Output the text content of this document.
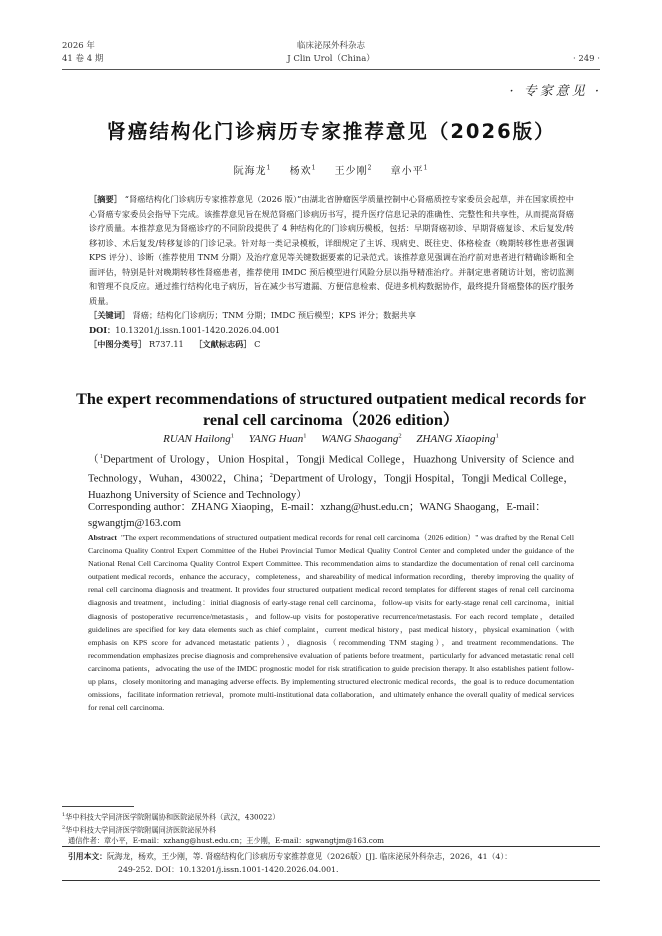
2026 年
41 卷 4 期
临床泌尿外科杂志
J Clin Urol（China）	· 249 ·
· 专家意见 ·
肾癌结构化门诊病历专家推荐意见（2026版）
阮海龙$^1$ 杨欢$^1$ 王少刚$^2$ 章小平$^1$

［摘要］ “肾癌结构化门诊病历专家推荐意见（2026 版）”由湖北省肿瘤医学质量控制中心肾癌质控专家委员会起草，并在国家质控中心肾癌专家委员会指导下完成。该推荐意见旨在规范肾癌门诊病历书写，提升医疗信息记录的准确性、完整性和共享性，从而提高肾癌诊疗质量。本推荐意见为肾癌诊疗的不同阶段提供了 4 种结构化的门诊病历模板，包括：早期肾癌初诊、早期肾癌复诊、术后复发/转移初诊、术后复发/转移复诊的门诊记录。针对每一类记录模板，详细规定了主诉、现病史、既往史、体格检查（晚期转移性患者强调 KPS 评分）、诊断（推荐使用 TNM 分期）及治疗意见等关键数据要素的记录范式。该推荐意见强调在治疗前对患者进行精确诊断和全面评估，特别是针对晚期转移性肾癌患者，推荐使用 IMDC 预后模型进行风险分层以指导精准治疗。并制定患者随访计划，密切监测和管理不良反应。通过推行结构化电子病历，旨在减少书写遗漏、方便信息检索、促进多机构数据协作，最终提升肾癌整体的医疗服务质量。

［关键词］ 肾癌；结构化门诊病历；TNM 分期；IMDC 预后模型；KPS 评分；数据共享

DOI：10.13201/j.issn.1001-1420.2026.04.001

［中图分类号］ R737.11 ［文献标志码］ C

The expert recommendations of structured outpatient medical records for renal cell carcinoma（2026 edition）
RUAN Hailong$^1$ YANG Huan$^1$ WANG Shaogang$^2$ ZHANG Xiaoping$^1$
（$^1$Department of Urology，Union Hospital，Tongji Medical College，Huazhong University of Science and Technology，Wuhan，430022，China；$^2$Department of Urology，Tongji Hospital，Tongji Medical College，Huazhong University of Science and Technology）
Corresponding author：ZHANG Xiaoping，E-mail：xzhang@hust.edu.cn；WANG Shaogang，E-mail：sgwangtjm@163.com
Abstract "The expert recommendations of structured outpatient medical records for renal cell carcinoma（2026 edition）" was drafted by the Renal Cell Carcinoma Quality Control Expert Committee of the Hubei Provincial Tumor Medical Quality Control Center and completed under the guidance of the National Renal Cell Carcinoma Quality Control Expert Committee. This recommendation aims to standardize the documentation of renal cell carcinoma outpatient medical records，enhance the accuracy，completeness，and shareability of medical information recording，thereby improving the quality of renal cell carcinoma diagnosis and treatment. It provides four structured outpatient medical record templates for different stages of renal cell carcinoma diagnosis and treatment，including：initial diagnosis of early-stage renal cell carcinoma，follow-up visits for early-stage renal cell carcinoma，initial diagnosis of postoperative recurrence/metastasis，and follow-up visits for postoperative recurrence/metastasis. For each record template，detailed guidelines are specified for key data elements such as chief complaint，current medical history，past medical history，physical examination（with emphasis on KPS score for advanced metastatic patients），diagnosis（recommending TNM staging），and treatment recommendations. The recommendation emphasizes precise diagnosis and comprehensive evaluation of patients before treatment，particularly for advanced metastatic renal cell carcinoma patients，advocating the use of the IMDC prognostic model for risk stratification to guide precision therapy. It also establishes patient follow-up plans，closely monitoring and managing adverse effects. By implementing structured electronic medical records，the goal is to reduce documentation omissions，facilitate information retrieval，promote multi-institutional data collaboration，and ultimately enhance the overall quality of medical services for renal cell carcinoma.
$^1$华中科技大学同济医学院附属协和医院泌尿外科（武汉，430022）
$^2$华中科技大学同济医学院附属同济医院泌尿外科
通信作者：章小平，E-mail：xzhang@hust.edu.cn；王少刚，E-mail：sgwangtjm@163.com
引用本文：阮海龙，杨欢，王少刚，等. 肾癌结构化门诊病历专家推荐意见（2026版）[J]. 临床泌尿外科杂志，2026，41（4）：
249-252. DOI：10.13201/j.issn.1001-1420.2026.04.001.
